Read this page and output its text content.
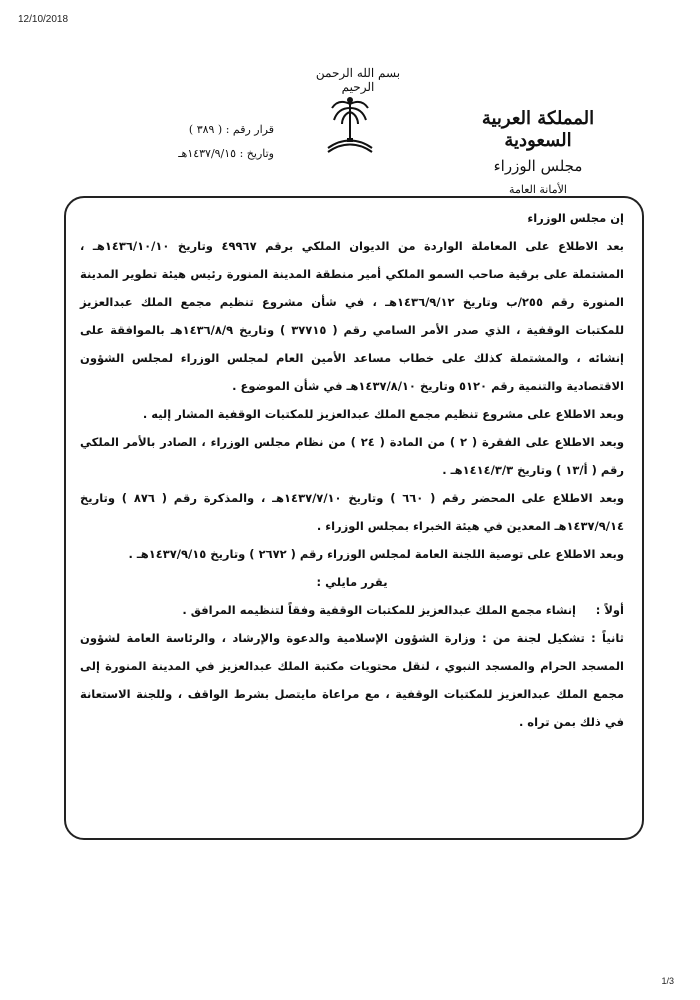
12/10/2018
بسم الله الرحمن الرحيم
المملكة العربية السعودية
مجلس الوزراء
الأمانة العامة
قرار رقم : ( ٣٨٩ )
وتاريخ : ١٤٣٧/٩/١٥هـ

إن مجلس الوزراء

بعد الاطلاع على المعاملة الواردة من الديوان الملكي برقم ٤٩٩٦٧ وتاريخ ١٤٣٦/١٠/١٠هـ ، المشتملة على برقية صاحب السمو الملكي أمير منطقة المدينة المنورة رئيس هيئة تطوير المدينة المنورة رقم ٢٥٥/ب وتاريخ ١٤٣٦/٩/١٢هـ ، في شأن مشروع تنظيم مجمع الملك عبدالعزيز للمكتبات الوقفية ، الذي صدر الأمر السامي رقم ( ٣٧٧١٥ ) وتاريخ ١٤٣٦/٨/٩هـ بالموافقة على إنشائه ، والمشتملة كذلك على خطاب مساعد الأمين العام لمجلس الوزراء لمجلس الشؤون الاقتصادية والتنمية رقم ٥١٢٠ وتاريخ ١٤٣٧/٨/١٠هـ في شأن الموضوع .

وبعد الاطلاع على مشروع تنظيم مجمع الملك عبدالعزيز للمكتبات الوقفية المشار إليه .

وبعد الاطلاع على الفقرة ( ٢ ) من المادة ( ٢٤ ) من نظام مجلس الوزراء ، الصادر بالأمر الملكي رقم ( أ/١٣ ) وتاريخ ١٤١٤/٣/٣هـ .

وبعد الاطلاع على المحضر رقم ( ٦٦٠ ) وتاريخ ١٤٣٧/٧/١٠هـ ، والمذكرة رقم ( ٨٧٦ ) وتاريخ ١٤٣٧/٩/١٤هـ المعدين في هيئة الخبراء بمجلس الوزراء .

وبعد الاطلاع على توصية اللجنة العامة لمجلس الوزراء رقم ( ٢٦٧٢ ) وتاريخ ١٤٣٧/٩/١٥هـ .

يقرر مايلي :

أولاً : إنشاء مجمع الملك عبدالعزيز للمكتبات الوقفية وفقاً لتنظيمه المرافق .

ثانياً : تشكيل لجنة من : وزارة الشؤون الإسلامية والدعوة والإرشاد ، والرئاسة العامة لشؤون المسجد الحرام والمسجد النبوي ، لنقل محتويات مكتبة الملك عبدالعزيز في المدينة المنورة إلى مجمع الملك عبدالعزيز للمكتبات الوقفية ، مع مراعاة مايتصل بشرط الواقف ، وللجنة الاستعانة في ذلك بمن تراه .

1/3
